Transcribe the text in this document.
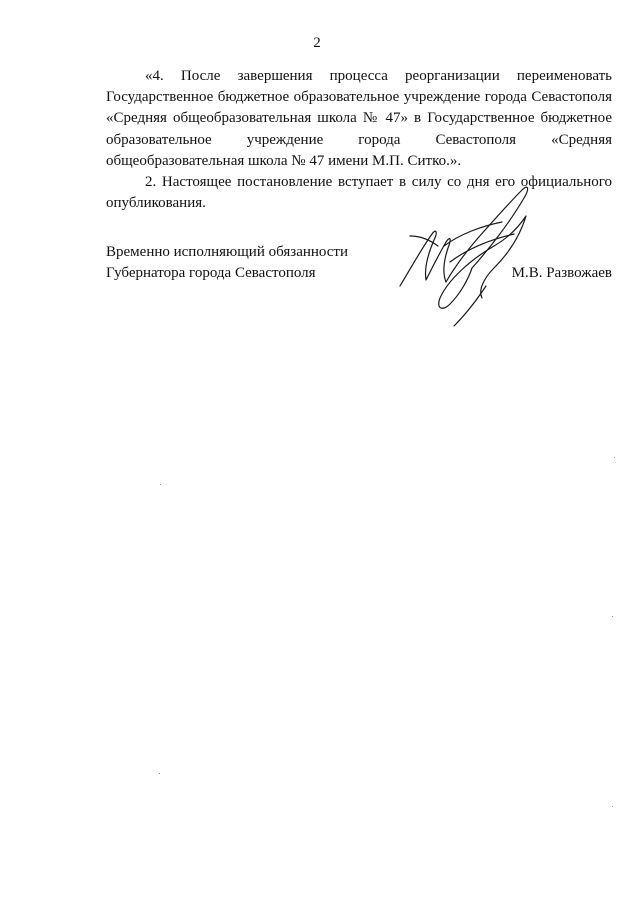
2

«4. После завершения процесса реорганизации переименовать Государственное бюджетное образовательное учреждение города Севастополя «Средняя общеобразовательная школа № 47» в Государственное бюджетное образовательное учреждение города Севастополя «Средняя общеобразовательная школа № 47 имени М.П. Ситко.».

2. Настоящее постановление вступает в силу со дня его официального опубликования.

Временно исполняющий обязанности
Губернатора города Севастополя	М.В. Развожаев
